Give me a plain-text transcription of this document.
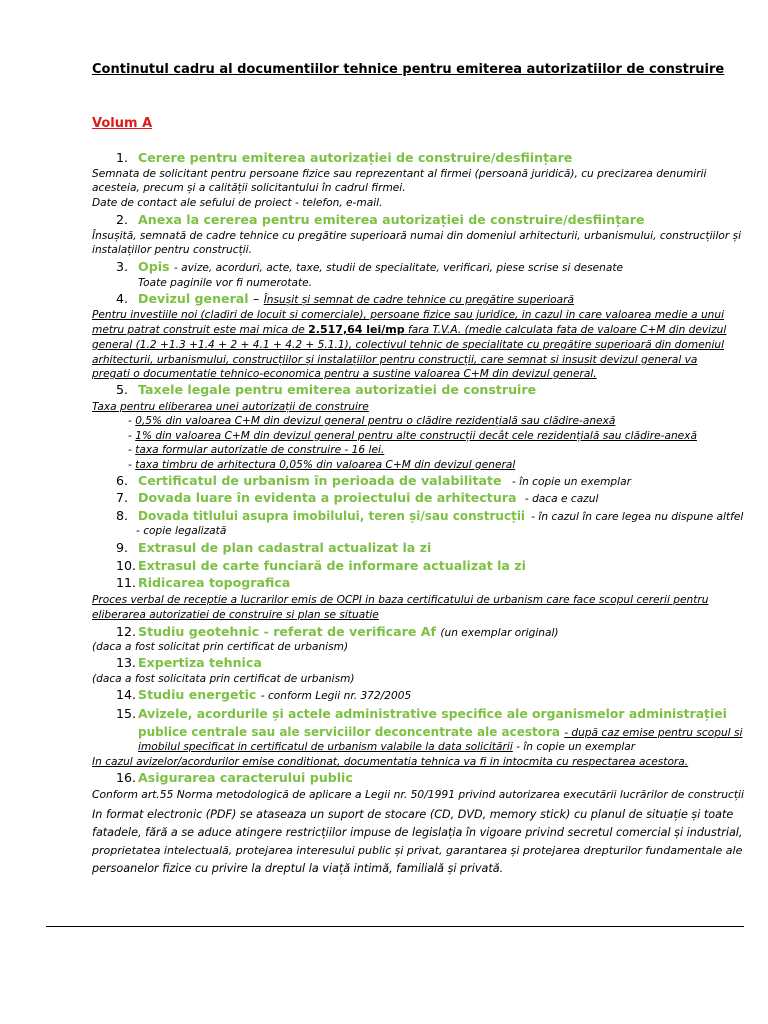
Continutul cadru al documentiilor tehnice pentru emiterea autorizatiilor de construire
Volum A
1. Cerere pentru emiterea autorizației de construire/desființare
Semnata de solicitant pentru persoane fizice sau reprezentant al firmei (persoană juridică), cu precizarea denumirii
acesteia, precum și a calității solicitantului în cadrul firmei.
Date de contact ale sefului de proiect - telefon, e-mail.
2. Anexa la cererea pentru emiterea autorizației de construire/desființare
Însușită, semnată de cadre tehnice cu pregătire superioară numai din domeniul arhitecturii, urbanismului, construcțiilor și
instalațiilor pentru construcții.
3. Opis - avize, acorduri, acte, taxe, studii de specialitate, verificari, piese scrise si desenate
Toate paginile vor fi numerotate.
4. Devizul general – Însușit și semnat de cadre tehnice cu pregătire superioară
Pentru investiile noi (cladiri de locuit si comerciale), persoane fizice sau juridice, in cazul in care valoarea medie a unui
metru patrat construit este mai mica de 2.517,64 lei/mp fara T.V.A. (medie calculata fata de valoare C+M din devizul
general (1.2 +1.3 +1.4 + 2 + 4.1 + 4.2 + 5.1.1), colectivul tehnic de specialitate cu pregătire superioară din domeniul
arhitecturii, urbanismului, construcțiilor și instalațiilor pentru construcții, care semnat si insusit devizul general va
pregati o documentatie tehnico-economica pentru a sustine valoarea C+M din devizul general.
5. Taxele legale pentru emiterea autorizatiei de construire
Taxa pentru eliberarea unei autorizații de construire
- 0,5% din valoarea C+M din devizul general pentru o clădire rezidențială sau clădire-anexă
- 1% din valoarea C+M din devizul general pentru alte construcții decât cele rezidențială sau clădire-anexă
- taxa formular autorizatie de construire - 16 lei.
- taxa timbru de arhitectura 0,05% din valoarea C+M din devizul general
6. Certificatul de urbanism în perioada de valabilitate - în copie un exemplar
7. Dovada luare în evidenta a proiectului de arhitectura - daca e cazul
8. Dovada titlului asupra imobilului, teren și/sau construcții - în cazul în care legea nu dispune altfel
- copie legalizată
9. Extrasul de plan cadastral actualizat la zi
10. Extrasul de carte funciară de informare actualizat la zi
11. Ridicarea topografica
Proces verbal de receptie a lucrarilor emis de OCPI in baza certificatului de urbanism care face scopul cererii pentru
eliberarea autorizatiei de construire si plan se situatie
12. Studiu geotehnic - referat de verificare Af (un exemplar original)
(daca a fost solicitat prin certificat de urbanism)
13. Expertiza tehnica
(daca a fost solicitata prin certificat de urbanism)
14. Studiu energetic - conform Legii nr. 372/2005
15. Avizele, acordurile și actele administrative specifice ale organismelor administrației
publice centrale sau ale serviciilor deconcentrate ale acestora - după caz emise pentru scopul si
imobilul specificat in certificatul de urbanism valabile la data solicitării - în copie un exemplar
In cazul avizelor/acordurilor emise conditionat, documentatia tehnica va fi in intocmita cu respectarea acestora.
16. Asigurarea caracterului public
Conform art.55 Norma metodologică de aplicare a Legii nr. 50/1991 privind autorizarea executării lucrărilor de construcții
In format electronic (PDF) se ataseaza un suport de stocare (CD, DVD, memory stick) cu planul de situație și toate
fatadele, fără a se aduce atingere restricțiilor impuse de legislația în vigoare privind secretul comercial și industrial,
proprietatea intelectuală, protejarea interesului public și privat, garantarea și protejarea drepturilor fundamentale ale
persoanelor fizice cu privire la dreptul la viață intimă, familială și privată.
